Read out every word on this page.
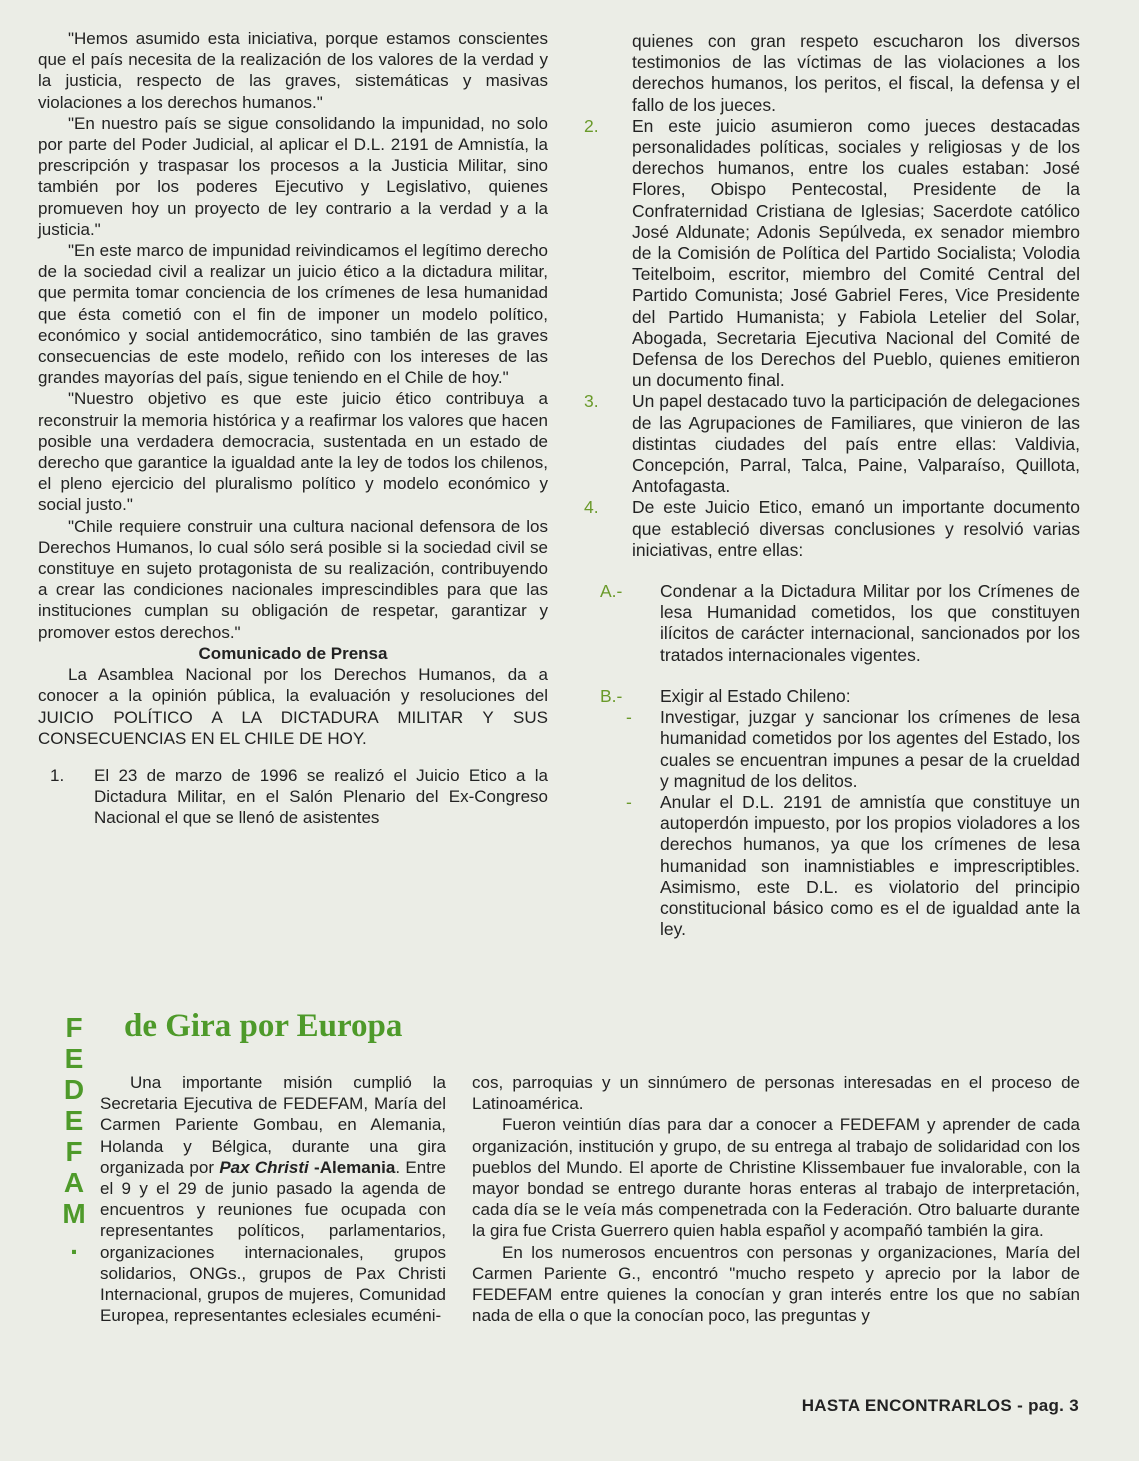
"Hemos asumido esta iniciativa, porque estamos conscientes que el país necesita de la realización de los valores de la verdad y la justicia, respecto de las graves, sistemáticas y masivas violaciones a los derechos humanos."

"En nuestro país se sigue consolidando la impunidad, no solo por parte del Poder Judicial, al aplicar el D.L. 2191 de Amnistía, la prescripción y traspasar los procesos a la Justicia Militar, sino también por los poderes Ejecutivo y Legislativo, quienes promueven hoy un proyecto de ley contrario a la verdad y a la justicia."

"En este marco de impunidad reivindicamos el legítimo derecho de la sociedad civil a realizar un juicio ético a la dictadura militar, que permita tomar conciencia de los crímenes de lesa humanidad que ésta cometió con el fin de imponer un modelo político, económico y social antidemocrático, sino también de las graves consecuencias de este modelo, reñido con los intereses de las grandes mayorías del país, sigue teniendo en el Chile de hoy."

"Nuestro objetivo es que este juicio ético contribuya a reconstruir la memoria histórica y a reafirmar los valores que hacen posible una verdadera democracia, sustentada en un estado de derecho que garantice la igualdad ante la ley de todos los chilenos, el pleno ejercicio del pluralismo político y modelo económico y social justo."

"Chile requiere construir una cultura nacional defensora de los Derechos Humanos, lo cual sólo será posible si la sociedad civil se constituye en sujeto protagonista de su realización, contribuyendo a crear las condiciones nacionales imprescindibles para que las instituciones cumplan su obligación de respetar, garantizar y promover estos derechos."

Comunicado de Prensa

La Asamblea Nacional por los Derechos Humanos, da a conocer a la opinión pública, la evaluación y resoluciones del JUICIO POLÍTICO A LA DICTADURA MILITAR Y SUS CONSECUENCIAS EN EL CHILE DE HOY.

1.	El 23 de marzo de 1996 se realizó el Juicio Etico a la Dictadura Militar, en el Salón Plenario del Ex-Congreso Nacional el que se llenó de asistentes
quienes con gran respeto escucharon los diversos testimonios de las víctimas de las violaciones a los derechos humanos, los peritos, el fiscal, la defensa y el fallo de los jueces.
2.	En este juicio asumieron como jueces destacadas personalidades políticas, sociales y religiosas y de los derechos humanos, entre los cuales estaban: José Flores, Obispo Pentecostal, Presidente de la Confraternidad Cristiana de Iglesias; Sacerdote católico José Aldunate; Adonis Sepúlveda, ex senador miembro de la Comisión de Política del Partido Socialista; Volodia Teitelboim, escritor, miembro del Comité Central del Partido Comunista; José Gabriel Feres, Vice Presidente del Partido Humanista; y Fabiola Letelier del Solar, Abogada, Secretaria Ejecutiva Nacional del Comité de Defensa de los Derechos del Pueblo, quienes emitieron un documento final.
3.	Un papel destacado tuvo la participación de delegaciones de las Agrupaciones de Familiares, que vinieron de las distintas ciudades del país entre ellas: Valdivia, Concepción, Parral, Talca, Paine, Valparaíso, Quillota, Antofagasta.
4.	De este Juicio Etico, emanó un importante documento que estableció diversas conclusiones y resolvió varias iniciativas, entre ellas:
A.-	Condenar a la Dictadura Militar por los Crímenes de lesa Humanidad cometidos, los que constituyen ilícitos de carácter internacional, sancionados por los tratados internacionales vigentes.
B.-	Exigir al Estado Chileno:
-	Investigar, juzgar y sancionar los crímenes de lesa humanidad cometidos por los agentes del Estado, los cuales se encuentran impunes a pesar de la crueldad y magnitud de los delitos.
-	Anular el D.L. 2191 de amnistía que constituye un autoperdón impuesto, por los propios violadores a los derechos humanos, ya que los crímenes de lesa humanidad son inamnistiables e imprescriptibles. Asimismo, este D.L. es violatorio del principio constitucional básico como es el de igualdad ante la ley.
F
E
D
E
F
A
M
.
de Gira por Europa

Una importante misión cumplió la Secretaria Ejecutiva de FEDEFAM, María del Carmen Pariente Gombau, en Alemania, Holanda y Bélgica, durante una gira organizada por Pax Christi -Alemania. Entre el 9 y el 29 de junio pasado la agenda de encuentros y reuniones fue ocupada con representantes políticos, parlamentarios, organizaciones internacionales, grupos solidarios, ONGs., grupos de Pax Christi Internacional, grupos de mujeres, Comunidad Europea, representantes eclesiales ecuméni-

cos, parroquias y un sinnúmero de personas interesadas en el proceso de Latinoamérica.

Fueron veintiún días para dar a conocer a FEDEFAM y aprender de cada organización, institución y grupo, de su entrega al trabajo de solidaridad con los pueblos del Mundo. El aporte de Christine Klissembauer fue invalorable, con la mayor bondad se entrego durante horas enteras al trabajo de interpretación, cada día se le veía más compenetrada con la Federación. Otro baluarte durante la gira fue Crista Guerrero quien habla español y acompañó también la gira.

En los numerosos encuentros con personas y organizaciones, María del Carmen Pariente G., encontró "mucho respeto y aprecio por la labor de FEDEFAM entre quienes la conocían y gran interés entre los que no sabían nada de ella o que la conocían poco, las preguntas y

HASTA ENCONTRARLOS - pag. 3
